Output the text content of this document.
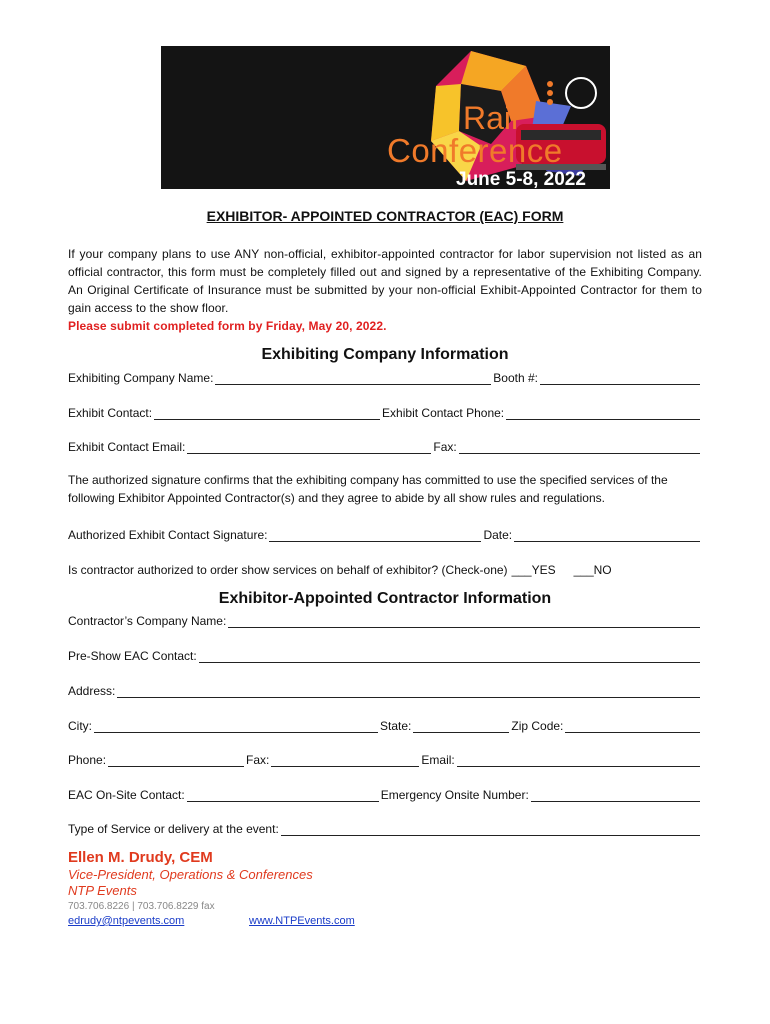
Rail
Conference
June 5-8, 2022
San Diego, CA
APTA
EXHIBITOR- APPOINTED CONTRACTOR (EAC) FORM
If your company plans to use ANY non-official, exhibitor-appointed contractor for labor supervision not listed as an official contractor, this form must be completely filled out and signed by a representative of the Exhibiting Company. An Original Certificate of Insurance must be submitted by your non-official Exhibit-Appointed Contractor for them to gain access to the show floor.
Please submit completed form by Friday, May 20, 2022.
Exhibiting Company Information
Exhibiting Company Name:	Booth #:
Exhibit Contact:	Exhibit Contact Phone:
Exhibit Contact Email:	Fax:
The authorized signature confirms that the exhibiting company has committed to use the specified services of the following Exhibitor Appointed Contractor(s) and they agree to abide by all show rules and regulations.
Authorized Exhibit Contact Signature:	Date:
Is contractor authorized to order show services on behalf of exhibitor? (Check-one) ___YES ___NO
Exhibitor-Appointed Contractor Information
Contractor’s Company Name:
Pre-Show EAC Contact:
Address:
City:	State:	Zip Code:
Phone:	Fax:	Email:
EAC On-Site Contact:	Emergency Onsite Number:
Type of Service or delivery at the event:
Ellen M. Drudy, CEM
Vice-President, Operations & Conferences
NTP Events
703.706.8226 | 703.706.8229 fax
edrudy@ntpevents.com	www.NTPEvents.com
